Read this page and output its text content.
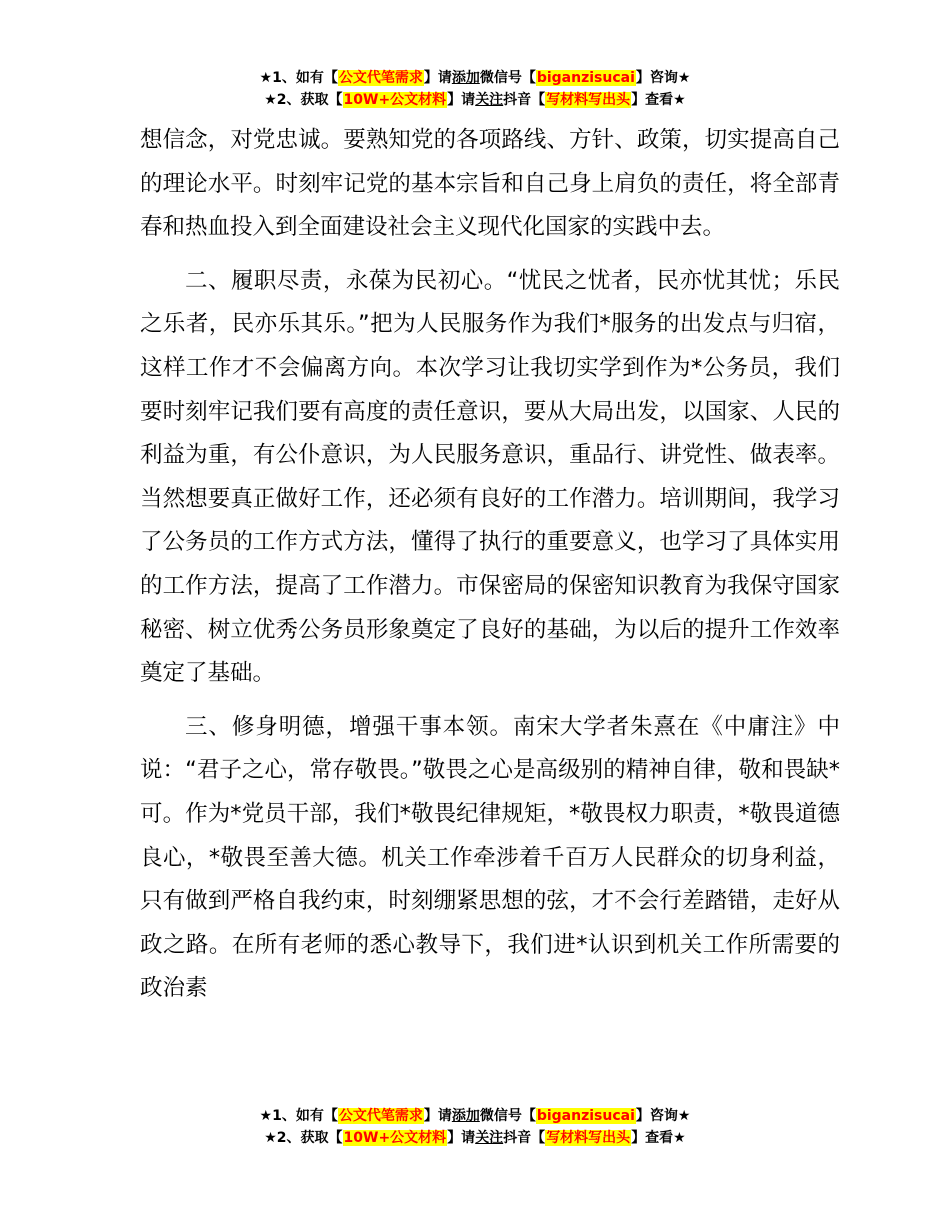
★1、如有【公文代笔需求】请添加微信号【biganzisucai】咨询★
★2、获取【10W+公文材料】请关注抖音【写材料写出头】查看★

想信念，对党忠诚。要熟知党的各项路线、方针、政策，切实提高自己的理论水平。时刻牢记党的基本宗旨和自己身上肩负的责任，将全部青春和热血投入到全面建设社会主义现代化国家的实践中去。

二、履职尽责，永葆为民初心。“忧民之忧者，民亦忧其忧；乐民之乐者，民亦乐其乐。”把为人民服务作为我们*服务的出发点与归宿，这样工作才不会偏离方向。本次学习让我切实学到作为*公务员，我们要时刻牢记我们要有高度的责任意识，要从大局出发，以国家、人民的利益为重，有公仆意识，为人民服务意识，重品行、讲党性、做表率。当然想要真正做好工作，还必须有良好的工作潜力。培训期间，我学习了公务员的工作方式方法，懂得了执行的重要意义，也学习了具体实用的工作方法，提高了工作潜力。市保密局的保密知识教育为我保守国家秘密、树立优秀公务员形象奠定了良好的基础，为以后的提升工作效率奠定了基础。

三、修身明德，增强干事本领。南宋大学者朱熹在《中庸注》中说：“君子之心，常存敬畏。”敬畏之心是高级别的精神自律，敬和畏缺*可。作为*党员干部，我们*敬畏纪律规矩，*敬畏权力职责，*敬畏道德良心，*敬畏至善大德。机关工作牵涉着千百万人民群众的切身利益，只有做到严格自我约束，时刻绷紧思想的弦，才不会行差踏错，走好从政之路。在所有老师的悉心教导下，我们进*认识到机关工作所需要的政治素

★1、如有【公文代笔需求】请添加微信号【biganzisucai】咨询★
★2、获取【10W+公文材料】请关注抖音【写材料写出头】查看★
